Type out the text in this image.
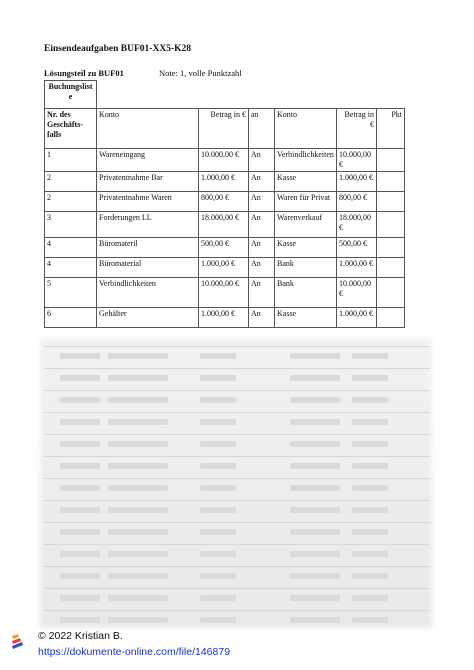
Einsendeaufgaben BUF01-XX5-K28
Lösungsteil zu BUF01	Note: 1, volle Punktzahl
Buchungsliste						
Nr. des Geschäfts-falls	Konto	Betrag in €	an	Konto	Betrag in €	Pkt
1	Wareneingang	10.000,00 €	An	Verbindlichkeiten	10.000,00 €	
2	Privatentnahme Bar	1.000,00 €	An	Kasse	1.000,00 €	
2	Privatentnahme Waren	800,00 €	An	Waren für Privat	800,00 €	
3	Forderungen LL	18.000,00 €	An	Warenverkauf	18.000,00 €	
4	Büromateril	500,00 €	An	Kasse	500,00 €	
4	Büromaterial	1.000,00 €	An	Bank	1.000,00 €	
5	Verbindlichkeiten	10.000,00 €	An	Bank	10.000,00 €	
6	Gehälter	1.000,00 €	An	Kasse	1.000,00 €	
© 2022 Kristian B.
https://dokumente-online.com/file/146879
